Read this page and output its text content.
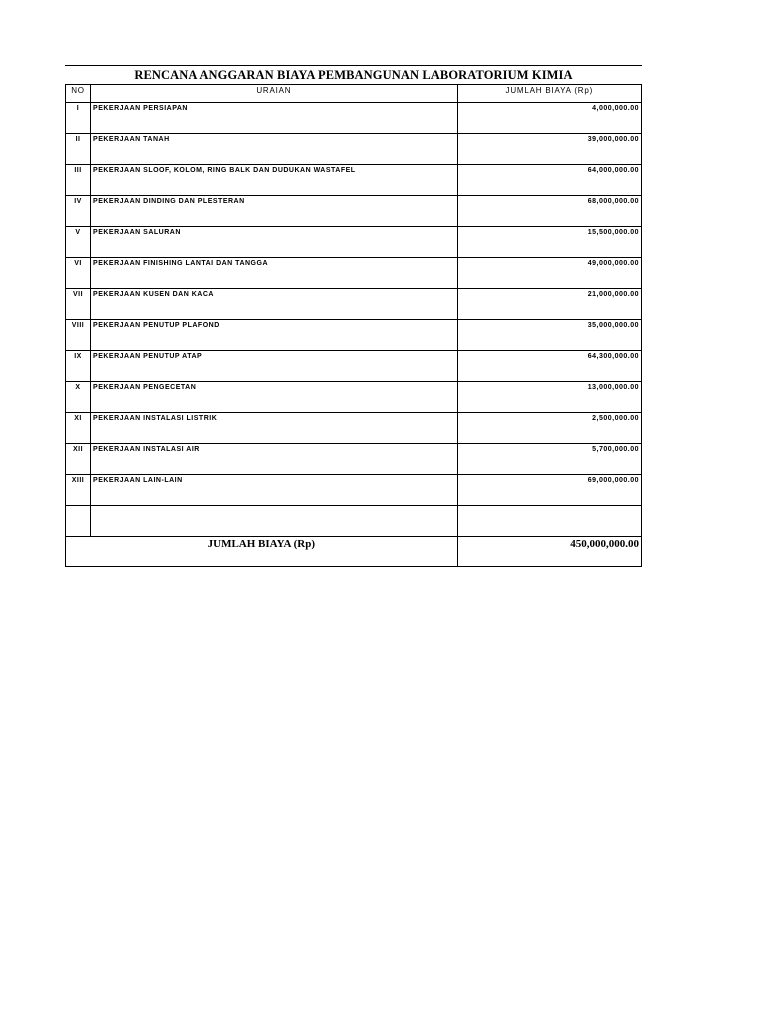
RENCANA ANGGARAN BIAYA PEMBANGUNAN LABORATORIUM KIMIA
NO	URAIAN	JUMLAH BIAYA (Rp)
I	PEKERJAAN PERSIAPAN	4,000,000.00
II	PEKERJAAN TANAH	39,000,000.00
III	PEKERJAAN SLOOF, KOLOM, RING BALK DAN DUDUKAN WASTAFEL	64,000,000.00
IV	PEKERJAAN DINDING DAN PLESTERAN	68,000,000.00
V	PEKERJAAN SALURAN	15,500,000.00
VI	PEKERJAAN FINISHING LANTAI DAN TANGGA	49,000,000.00
VII	PEKERJAAN KUSEN DAN KACA	21,000,000.00
VIII	PEKERJAAN PENUTUP PLAFOND	35,000,000.00
IX	PEKERJAAN PENUTUP ATAP	64,300,000.00
X	PEKERJAAN PENGECETAN	13,000,000.00
XI	PEKERJAAN INSTALASI LISTRIK	2,500,000.00
XII	PEKERJAAN INSTALASI AIR	5,700,000.00
XIII	PEKERJAAN LAIN-LAIN	69,000,000.00

JUMLAH BIAYA (Rp)		450,000,000.00
